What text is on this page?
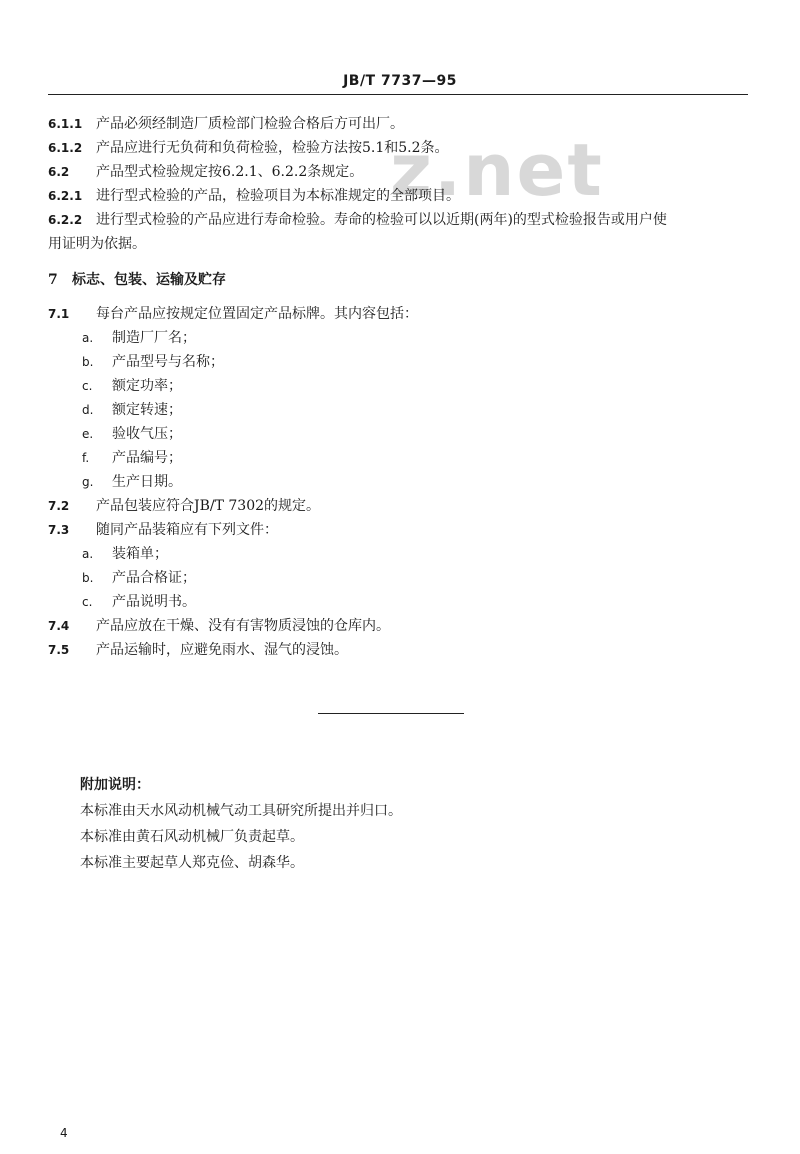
JB/T 7737—95
z.net
6.1.1 产品必须经制造厂质检部门检验合格后方可出厂。
6.1.2 产品应进行无负荷和负荷检验，检验方法按5.1和5.2条。
6.2 产品型式检验规定按6.2.1、6.2.2条规定。
6.2.1 进行型式检验的产品，检验项目为本标准规定的全部项目。
6.2.2 进行型式检验的产品应进行寿命检验。寿命的检验可以以近期(两年)的型式检验报告或用户使
用证明为依据。
7 标志、包装、运输及贮存
7.1 每台产品应按规定位置固定产品标牌。其内容包括：
a. 制造厂厂名；
b. 产品型号与名称；
c. 额定功率；
d. 额定转速；
e. 验收气压；
f. 产品编号；
g. 生产日期。
7.2 产品包装应符合JB/T 7302的规定。
7.3 随同产品装箱应有下列文件：
a. 装箱单；
b. 产品合格证；
c. 产品说明书。
7.4 产品应放在干燥、没有有害物质浸蚀的仓库内。
7.5 产品运输时，应避免雨水、湿气的浸蚀。
附加说明：
本标准由天水风动机械气动工具研究所提出并归口。
本标准由黄石风动机械厂负责起草。
本标准主要起草人郑克俭、胡森华。
4
